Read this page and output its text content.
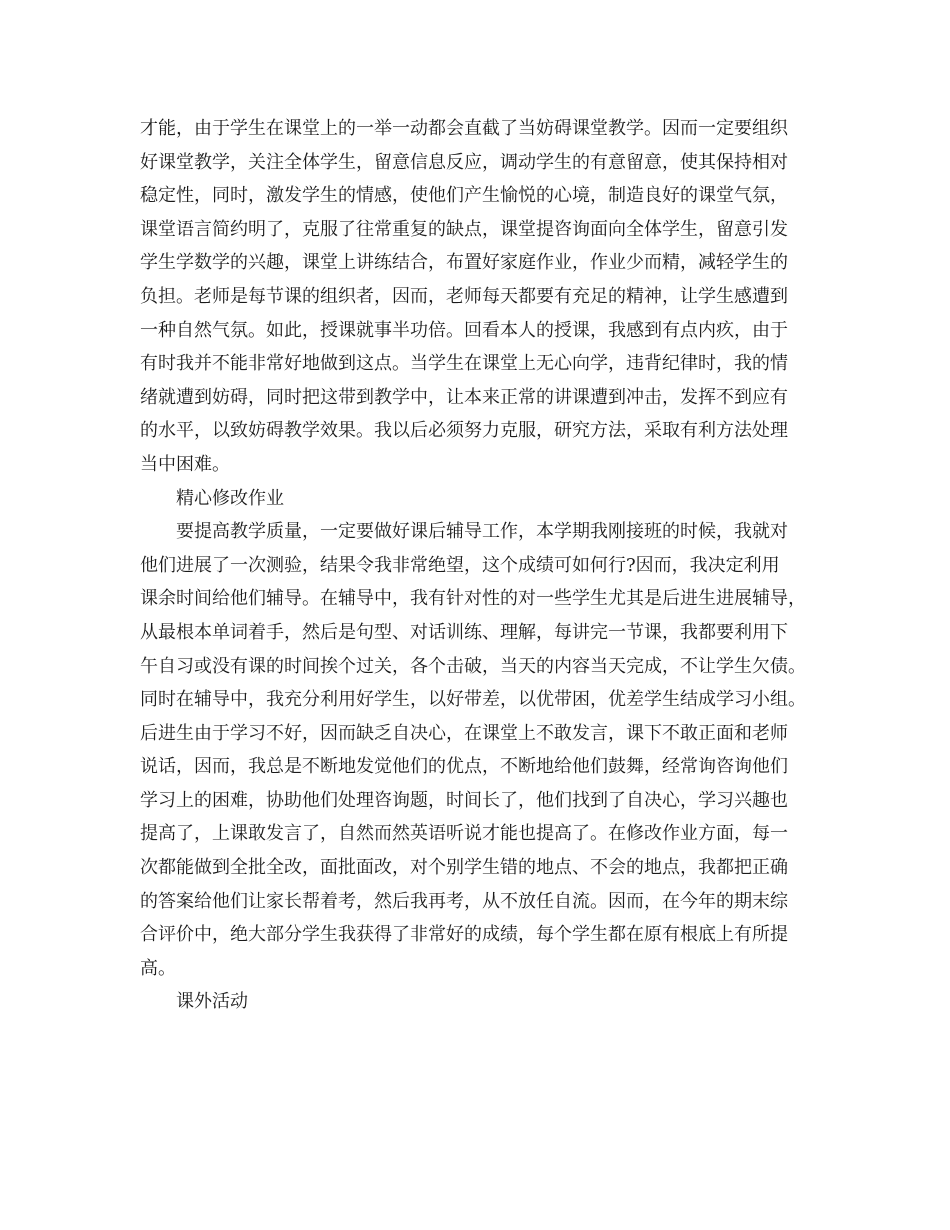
才能，由于学生在课堂上的一举一动都会直截了当妨碍课堂教学。因而一定要组织
好课堂教学，关注全体学生，留意信息反应，调动学生的有意留意，使其保持相对
稳定性，同时，激发学生的情感，使他们产生愉悦的心境，制造良好的课堂气氛，
课堂语言简约明了，克服了往常重复的缺点，课堂提咨询面向全体学生，留意引发
学生学数学的兴趣，课堂上讲练结合，布置好家庭作业，作业少而精，减轻学生的
负担。老师是每节课的组织者，因而，老师每天都要有充足的精神，让学生感遭到
一种自然气氛。如此，授课就事半功倍。回看本人的授课，我感到有点内疚，由于
有时我并不能非常好地做到这点。当学生在课堂上无心向学，违背纪律时，我的情
绪就遭到妨碍，同时把这带到教学中，让本来正常的讲课遭到冲击，发挥不到应有
的水平，以致妨碍教学效果。我以后必须努力克服，研究方法，采取有利方法处理
当中困难。
精心修改作业
要提高教学质量，一定要做好课后辅导工作，本学期我刚接班的时候，我就对
他们进展了一次测验，结果令我非常绝望，这个成绩可如何行?因而，我决定利用
课余时间给他们辅导。在辅导中，我有针对性的对一些学生尤其是后进生进展辅导，
从最根本单词着手，然后是句型、对话训练、理解，每讲完一节课，我都要利用下
午自习或没有课的时间挨个过关，各个击破，当天的内容当天完成，不让学生欠债。
同时在辅导中，我充分利用好学生，以好带差，以优带困，优差学生结成学习小组。
后进生由于学习不好，因而缺乏自决心，在课堂上不敢发言，课下不敢正面和老师
说话，因而，我总是不断地发觉他们的优点，不断地给他们鼓舞，经常询咨询他们
学习上的困难，协助他们处理咨询题，时间长了，他们找到了自决心，学习兴趣也
提高了，上课敢发言了，自然而然英语听说才能也提高了。在修改作业方面，每一
次都能做到全批全改，面批面改，对个别学生错的地点、不会的地点，我都把正确
的答案给他们让家长帮着考，然后我再考，从不放任自流。因而，在今年的期末综
合评价中，绝大部分学生我获得了非常好的成绩，每个学生都在原有根底上有所提
高。
课外活动
